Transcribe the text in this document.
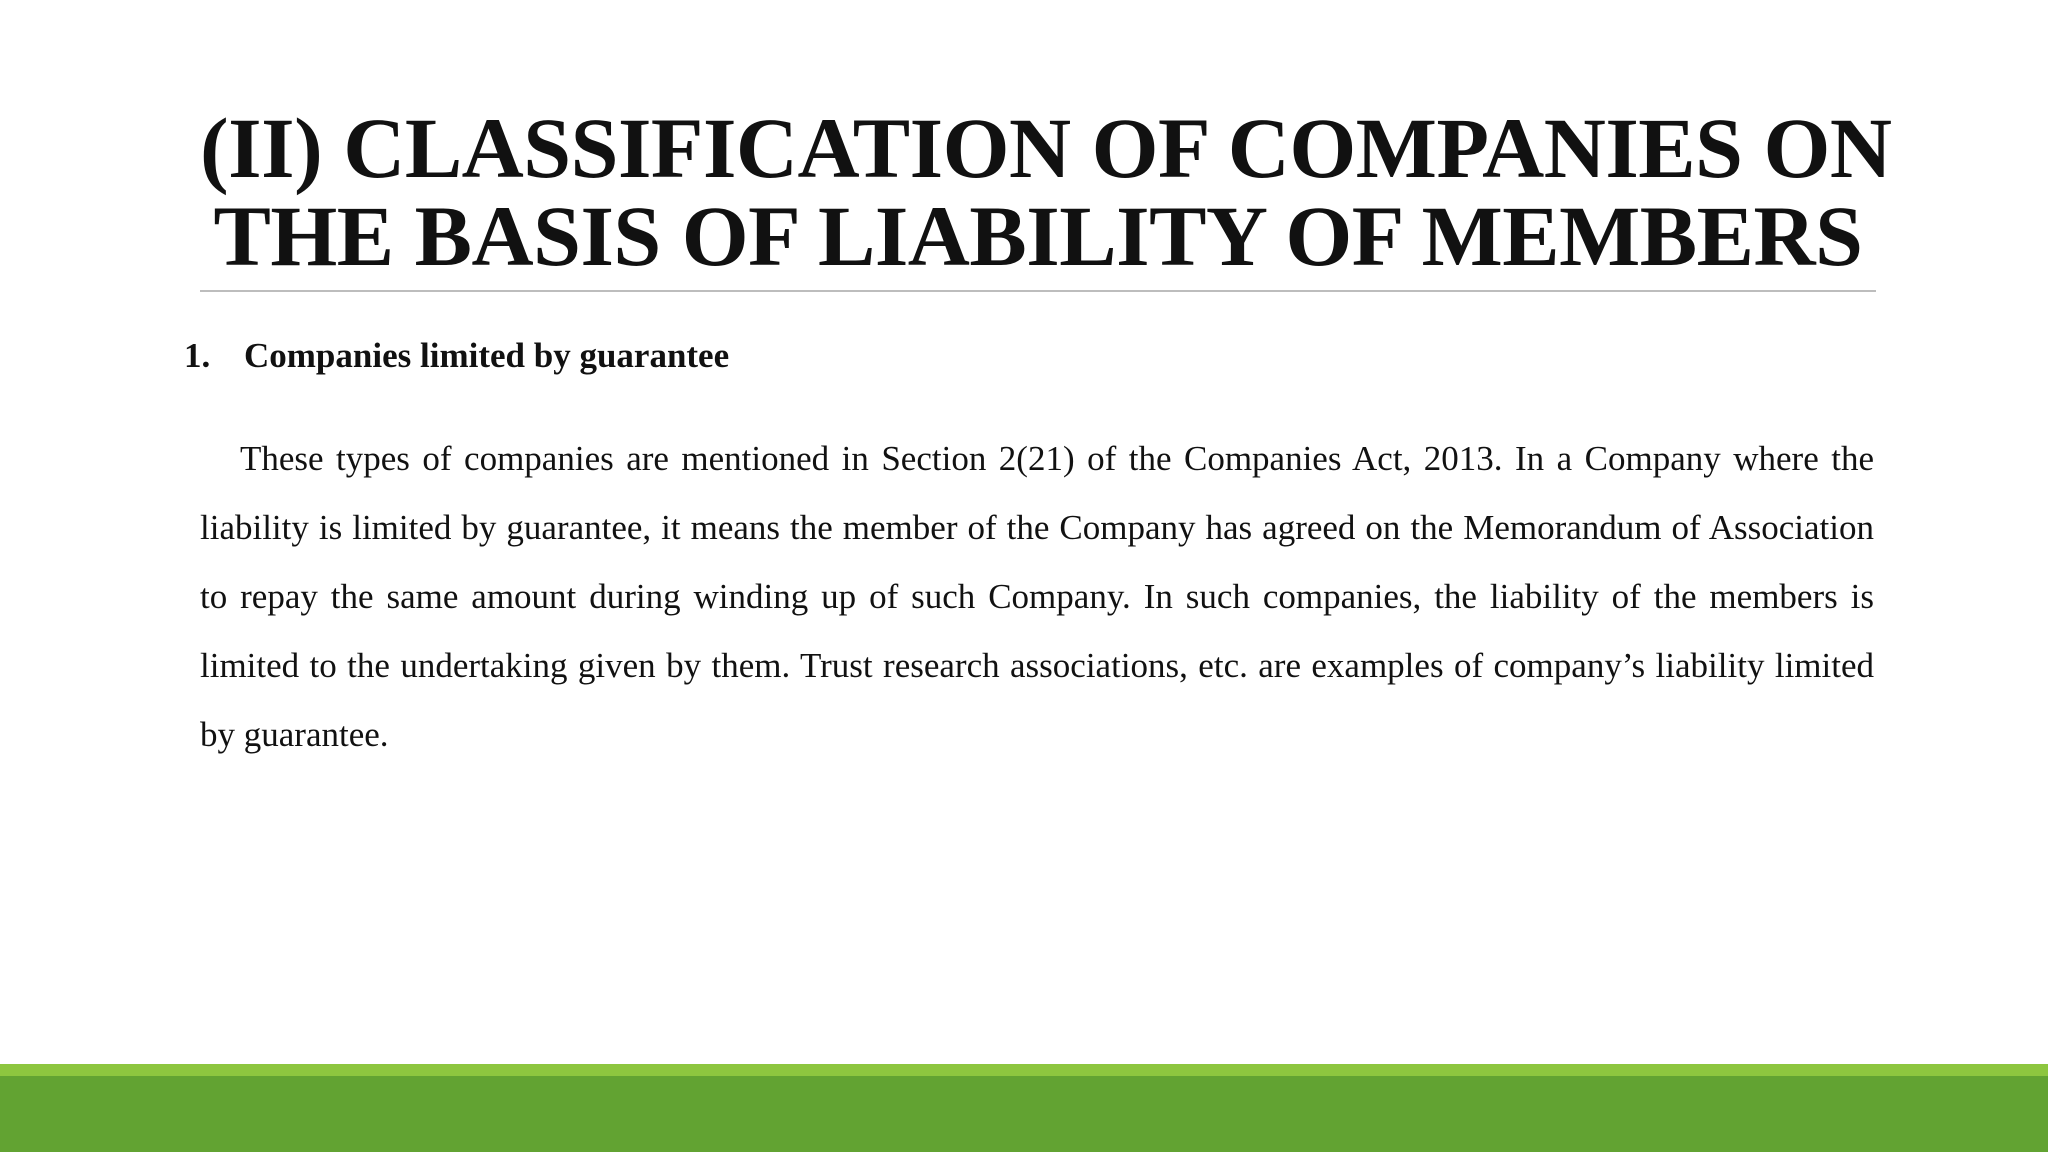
(II) CLASSIFICATION OF COMPANIES ON
THE BASIS OF LIABILITY OF MEMBERS
1. Companies limited by guarantee

These types of companies are mentioned in Section 2(21) of the Companies Act, 2013. In a Company where the liability is limited by guarantee, it means the member of the Company has agreed on the Memorandum of Association to repay the same amount during winding up of such Company. In such companies, the liability of the members is limited to the undertaking given by them. Trust research associations, etc. are examples of company’s liability limited by guarantee.
